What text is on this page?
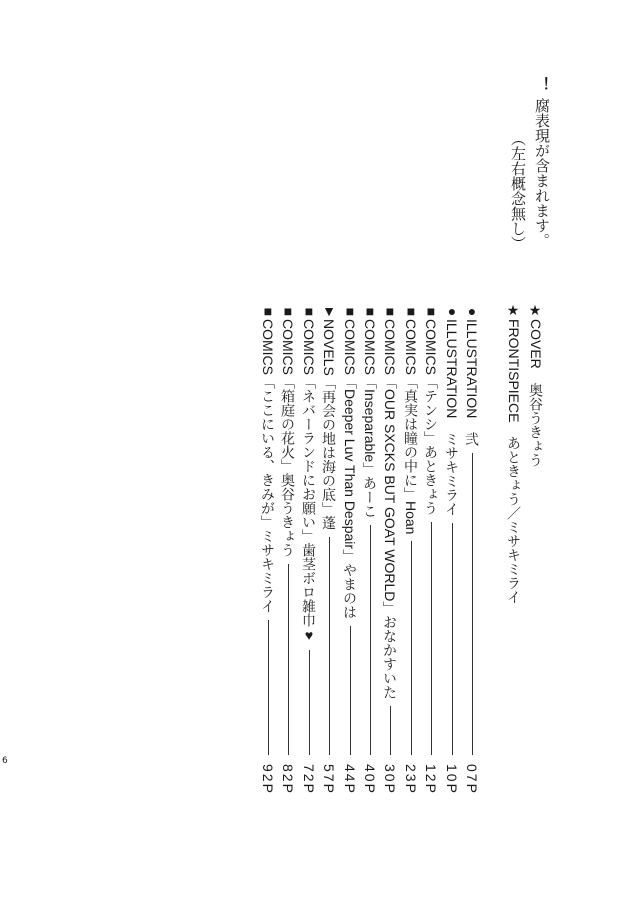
！腐表現が含まれます。
（左右概念無し）
★COVER奥谷うきょう
★FRONTISPIECEあときょう／ミサキミライ
●ILLUSTRATION弐
07P
●ILLUSTRATIONミサキミライ
10P
■COMICS「テンシ」あときょう
12P
■COMICS「真実は瞳の中に」Hoan
23P
■COMICS「OUR SXCKS BUT GOAT WORLD」おなかすいた
30P
■COMICS「Inseparable」あーこ
40P
■COMICS「Deeper Luv Than Despair」やまのは
44P
▼NOVELS「再会の地は海の底」蓬
57P
■COMICS「ネバーランドにお願い」歯茎ボロ雑巾♥
72P
■COMICS「箱庭の花火」奥谷うきょう
82P
■COMICS「ここにいる、きみが」ミサキミライ
92P
6
